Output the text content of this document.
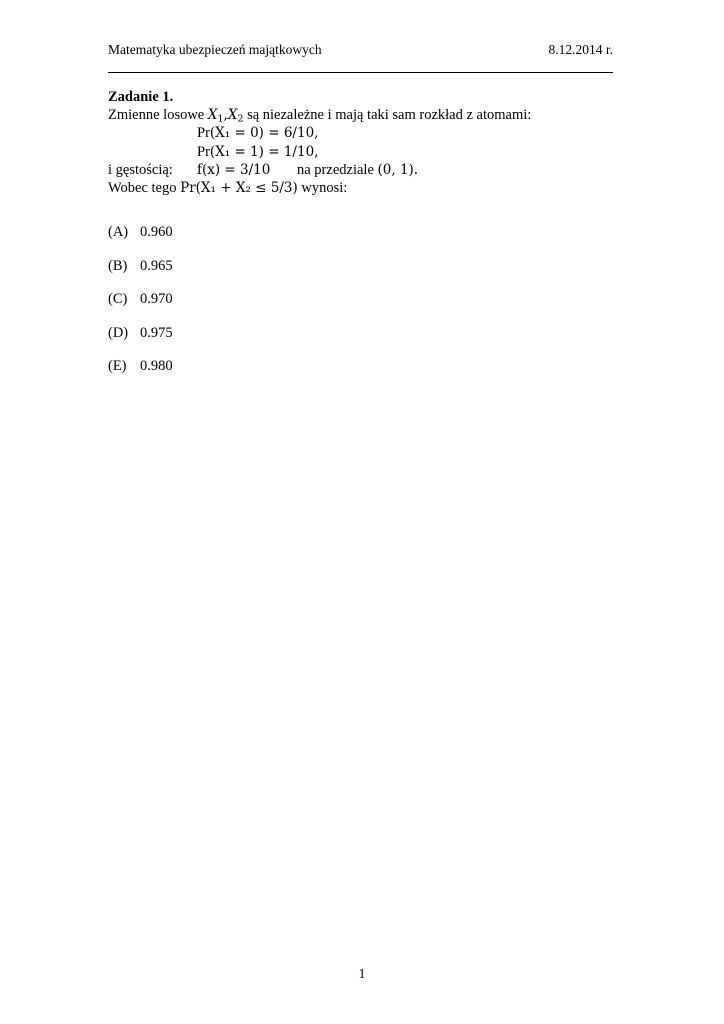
Matematyka ubezpieczeń majątkowych	8.12.2014 r.
Zadanie 1.
Zmienne losowe $X_1,X_2$ są niezależne i mają taki sam rozkład z atomami:
Pr(X₁ = 0) = 6/10,
Pr(X₁ = 1) = 1/10,
i gęstością: f(x) = 3/10 na przedziale (0, 1).
Wobec tego Pr(X₁ + X₂ ≤ 5/3) wynosi:
(A) 0.960
(B) 0.965
(C) 0.970
(D) 0.975
(E) 0.980
1
